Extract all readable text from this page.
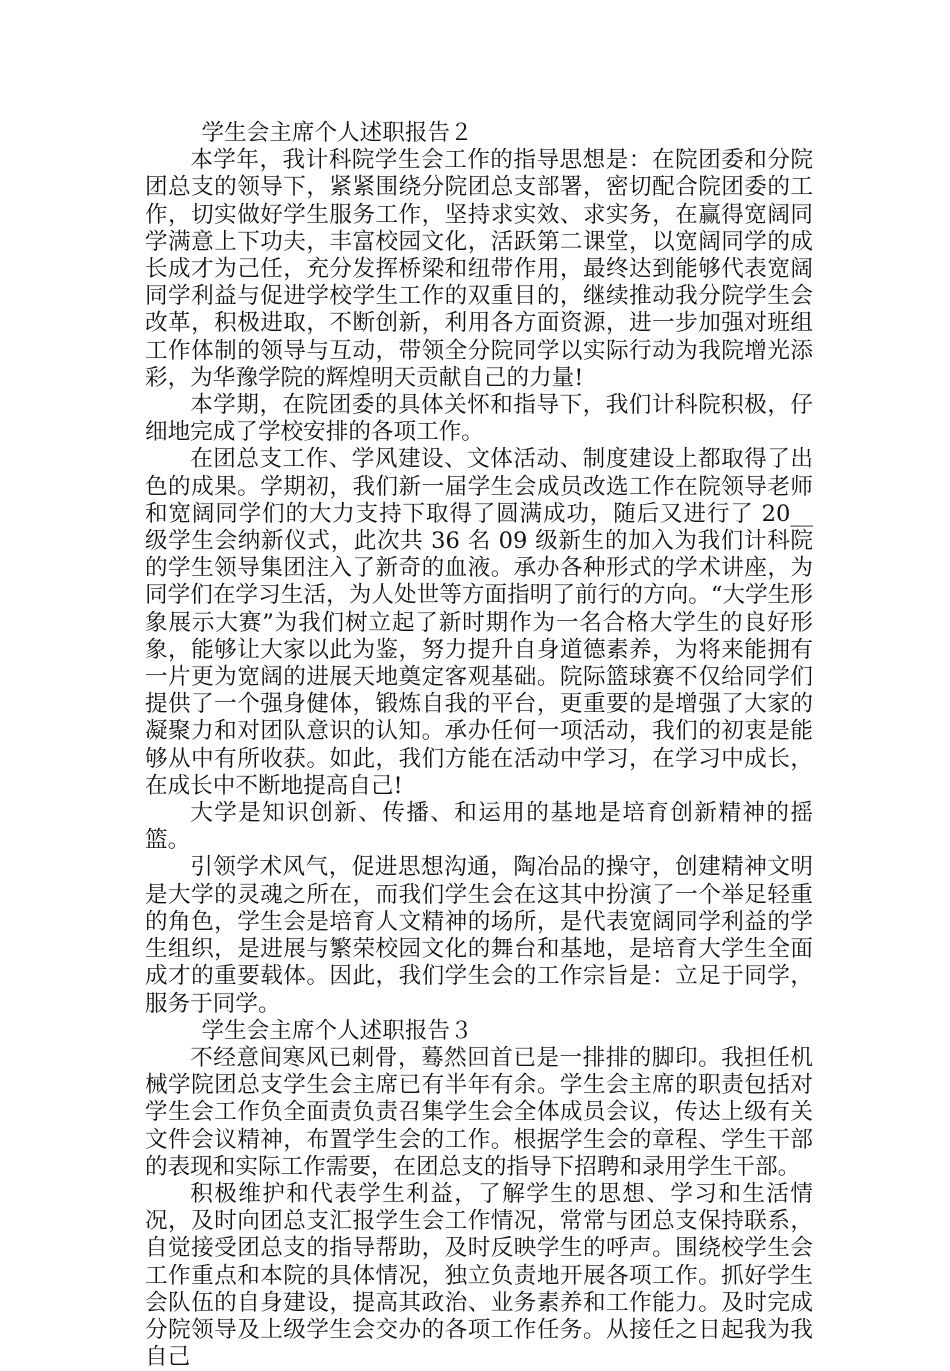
学生会主席个人述职报告２

本学年，我计科院学生会工作的指导思想是：在院团委和分院团总支的领导下，紧紧围绕分院团总支部署，密切配合院团委的工作，切实做好学生服务工作，坚持求实效、求实务，在赢得宽阔同学满意上下功夫，丰富校园文化，活跃第二课堂，以宽阔同学的成长成才为己任，充分发挥桥梁和纽带作用，最终达到能够代表宽阔同学利益与促进学校学生工作的双重目的，继续推动我分院学生会改革，积极进取，不断创新，利用各方面资源，进一步加强对班组工作体制的领导与互动，带领全分院同学以实际行动为我院增光添彩，为华豫学院的辉煌明天贡献自己的力量!

本学期，在院团委的具体关怀和指导下，我们计科院积极，仔细地完成了学校安排的各项工作。

在团总支工作、学风建设、文体活动、制度建设上都取得了出色的成果。学期初，我们新一届学生会成员改选工作在院领导老师和宽阔同学们的大力支持下取得了圆满成功，随后又进行了 20__级学生会纳新仪式，此次共 36 名 09 级新生的加入为我们计科院的学生领导集团注入了新奇的血液。承办各种形式的学术讲座，为同学们在学习生活，为人处世等方面指明了前行的方向。“大学生形象展示大赛”为我们树立起了新时期作为一名合格大学生的良好形象，能够让大家以此为鉴，努力提升自身道德素养，为将来能拥有一片更为宽阔的进展天地奠定客观基础。院际篮球赛不仅给同学们提供了一个强身健体，锻炼自我的平台，更重要的是增强了大家的凝聚力和对团队意识的认知。承办任何一项活动，我们的初衷是能够从中有所收获。如此，我们方能在活动中学习，在学习中成长，在成长中不断地提高自己!

大学是知识创新、传播、和运用的基地是培育创新精神的摇篮。

引领学术风气，促进思想沟通，陶冶品的操守，创建精神文明是大学的灵魂之所在，而我们学生会在这其中扮演了一个举足轻重的角色，学生会是培育人文精神的场所，是代表宽阔同学利益的学生组织，是进展与繁荣校园文化的舞台和基地，是培育大学生全面成才的重要载体。因此，我们学生会的工作宗旨是：立足于同学，服务于同学。

学生会主席个人述职报告３

不经意间寒风已刺骨，蓦然回首已是一排排的脚印。我担任机械学院团总支学生会主席已有半年有余。学生会主席的职责包括对学生会工作负全面责负责召集学生会全体成员会议，传达上级有关文件会议精神，布置学生会的工作。根据学生会的章程、学生干部的表现和实际工作需要，在团总支的指导下招聘和录用学生干部。

积极维护和代表学生利益，了解学生的思想、学习和生活情况，及时向团总支汇报学生会工作情况，常常与团总支保持联系，自觉接受团总支的指导帮助，及时反映学生的呼声。围绕校学生会工作重点和本院的具体情况，独立负责地开展各项工作。抓好学生会队伍的自身建设，提高其政治、业务素养和工作能力。及时完成分院领导及上级学生会交办的各项工作任务。从接任之日起我为我自己
